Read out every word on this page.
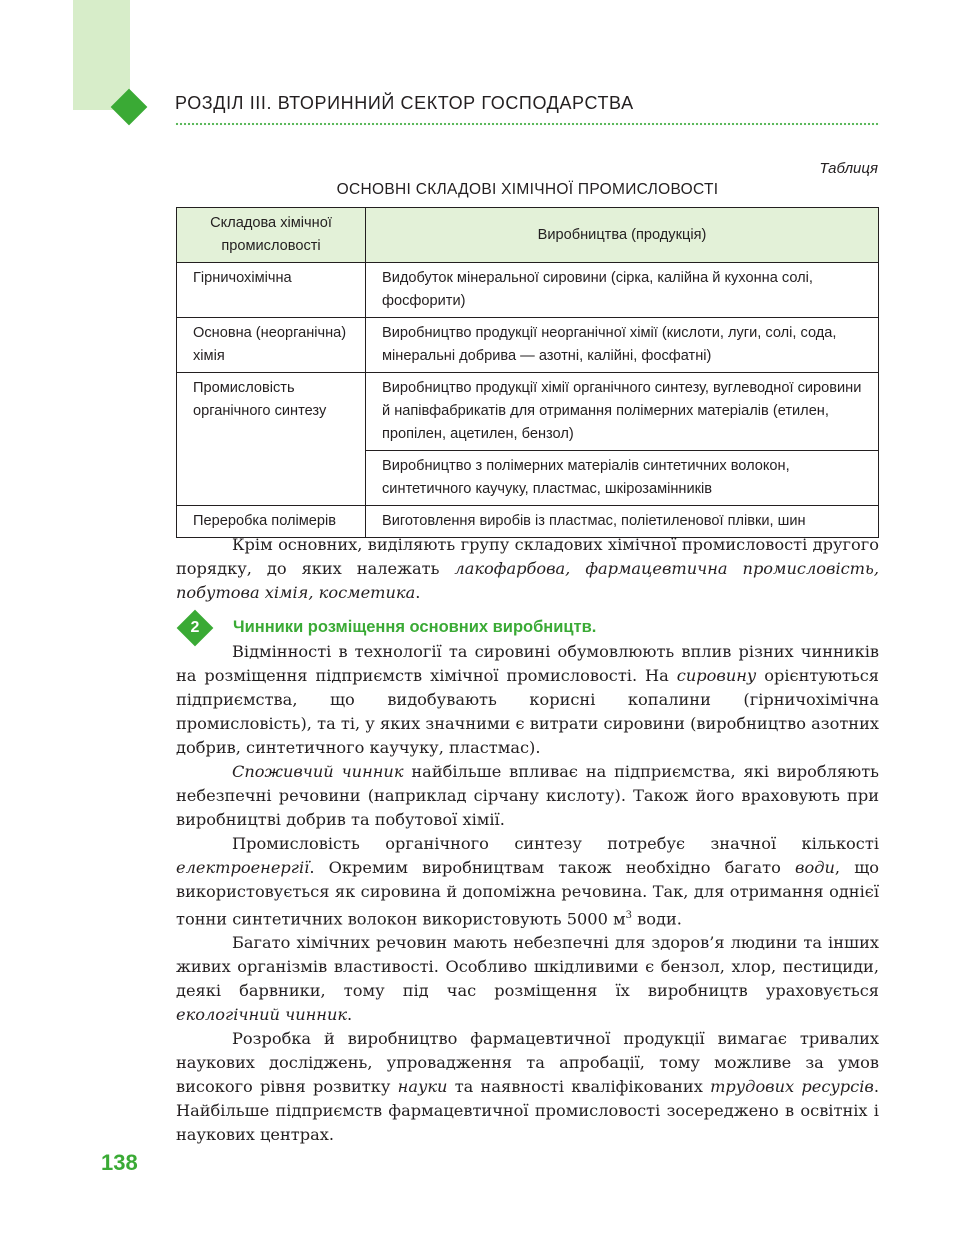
РОЗДІЛ ІІІ. ВТОРИННИЙ СЕКТОР ГОСПОДАРСТВА
Таблиця
ОСНОВНІ СКЛАДОВІ ХІМІЧНОЇ ПРОМИСЛОВОСТІ
Складова хімічної промисловості	Виробництва (продукція)
Гірничохімічна	Видобуток мінеральної сировини (сірка, калійна й кухонна солі, фосфорити)
Основна (неорганічна) хімія	Виробництво продукції неорганічної хімії (кислоти, луги, солі, сода, мінеральні добрива — азотні, калійні, фосфатні)
Промисловість органічного синтезу	Виробництво продукції хімії органічного синтезу, вуглеводної сировини й напівфабрикатів для отримання полімерних матеріалів (етилен, пропілен, ацетилен, бензол)
	Виробництво з полімерних матеріалів синтетичних волокон, синтетичного каучуку, пластмас, шкірозамінників
Переробка полімерів	Виготовлення виробів із пластмас, поліетиленової плівки, шин

Крім основних, виділяють групу складових хімічної промисловості другого порядку, до яких належать лакофарбова, фармацевтична промисловість, побутова хімія, косметика.

2	Чинники розміщення основних виробництв.

Відмінності в технології та сировині обумовлюють вплив різних чинників на розміщення підприємств хімічної промисловості. На сировину орієнтуються підприємства, що видобувають корисні копалини (гірничохімічна промисловість), та ті, у яких значними є витрати сировини (виробництво азотних добрив, синтетичного каучуку, пластмас).

Споживчий чинник найбільше впливає на підприємства, які виробляють небезпечні речовини (наприклад сірчану кислоту). Також його враховують при виробництві добрив та побутової хімії.

Промисловість органічного синтезу потребує значної кількості електроенергії. Окремим виробництвам також необхідно багато води, що використовується як сировина й допоміжна речовина. Так, для отримання однієї тонни синтетичних волокон використовують 5000 $м^3$ води.

Багато хімічних речовин мають небезпечні для здоров’я людини та інших живих організмів властивості. Особливо шкідливими є бензол, хлор, пестициди, деякі барвники, тому під час розміщення їх виробництв ураховується екологічний чинник.

Розробка й виробництво фармацевтичної продукції вимагає тривалих наукових досліджень, упровадження та апробації, тому можливе за умов високого рівня розвитку науки та наявності кваліфікованих трудових ресурсів. Найбільше підприємств фармацевтичної промисловості зосереджено в освітніх і наукових центрах.

138
